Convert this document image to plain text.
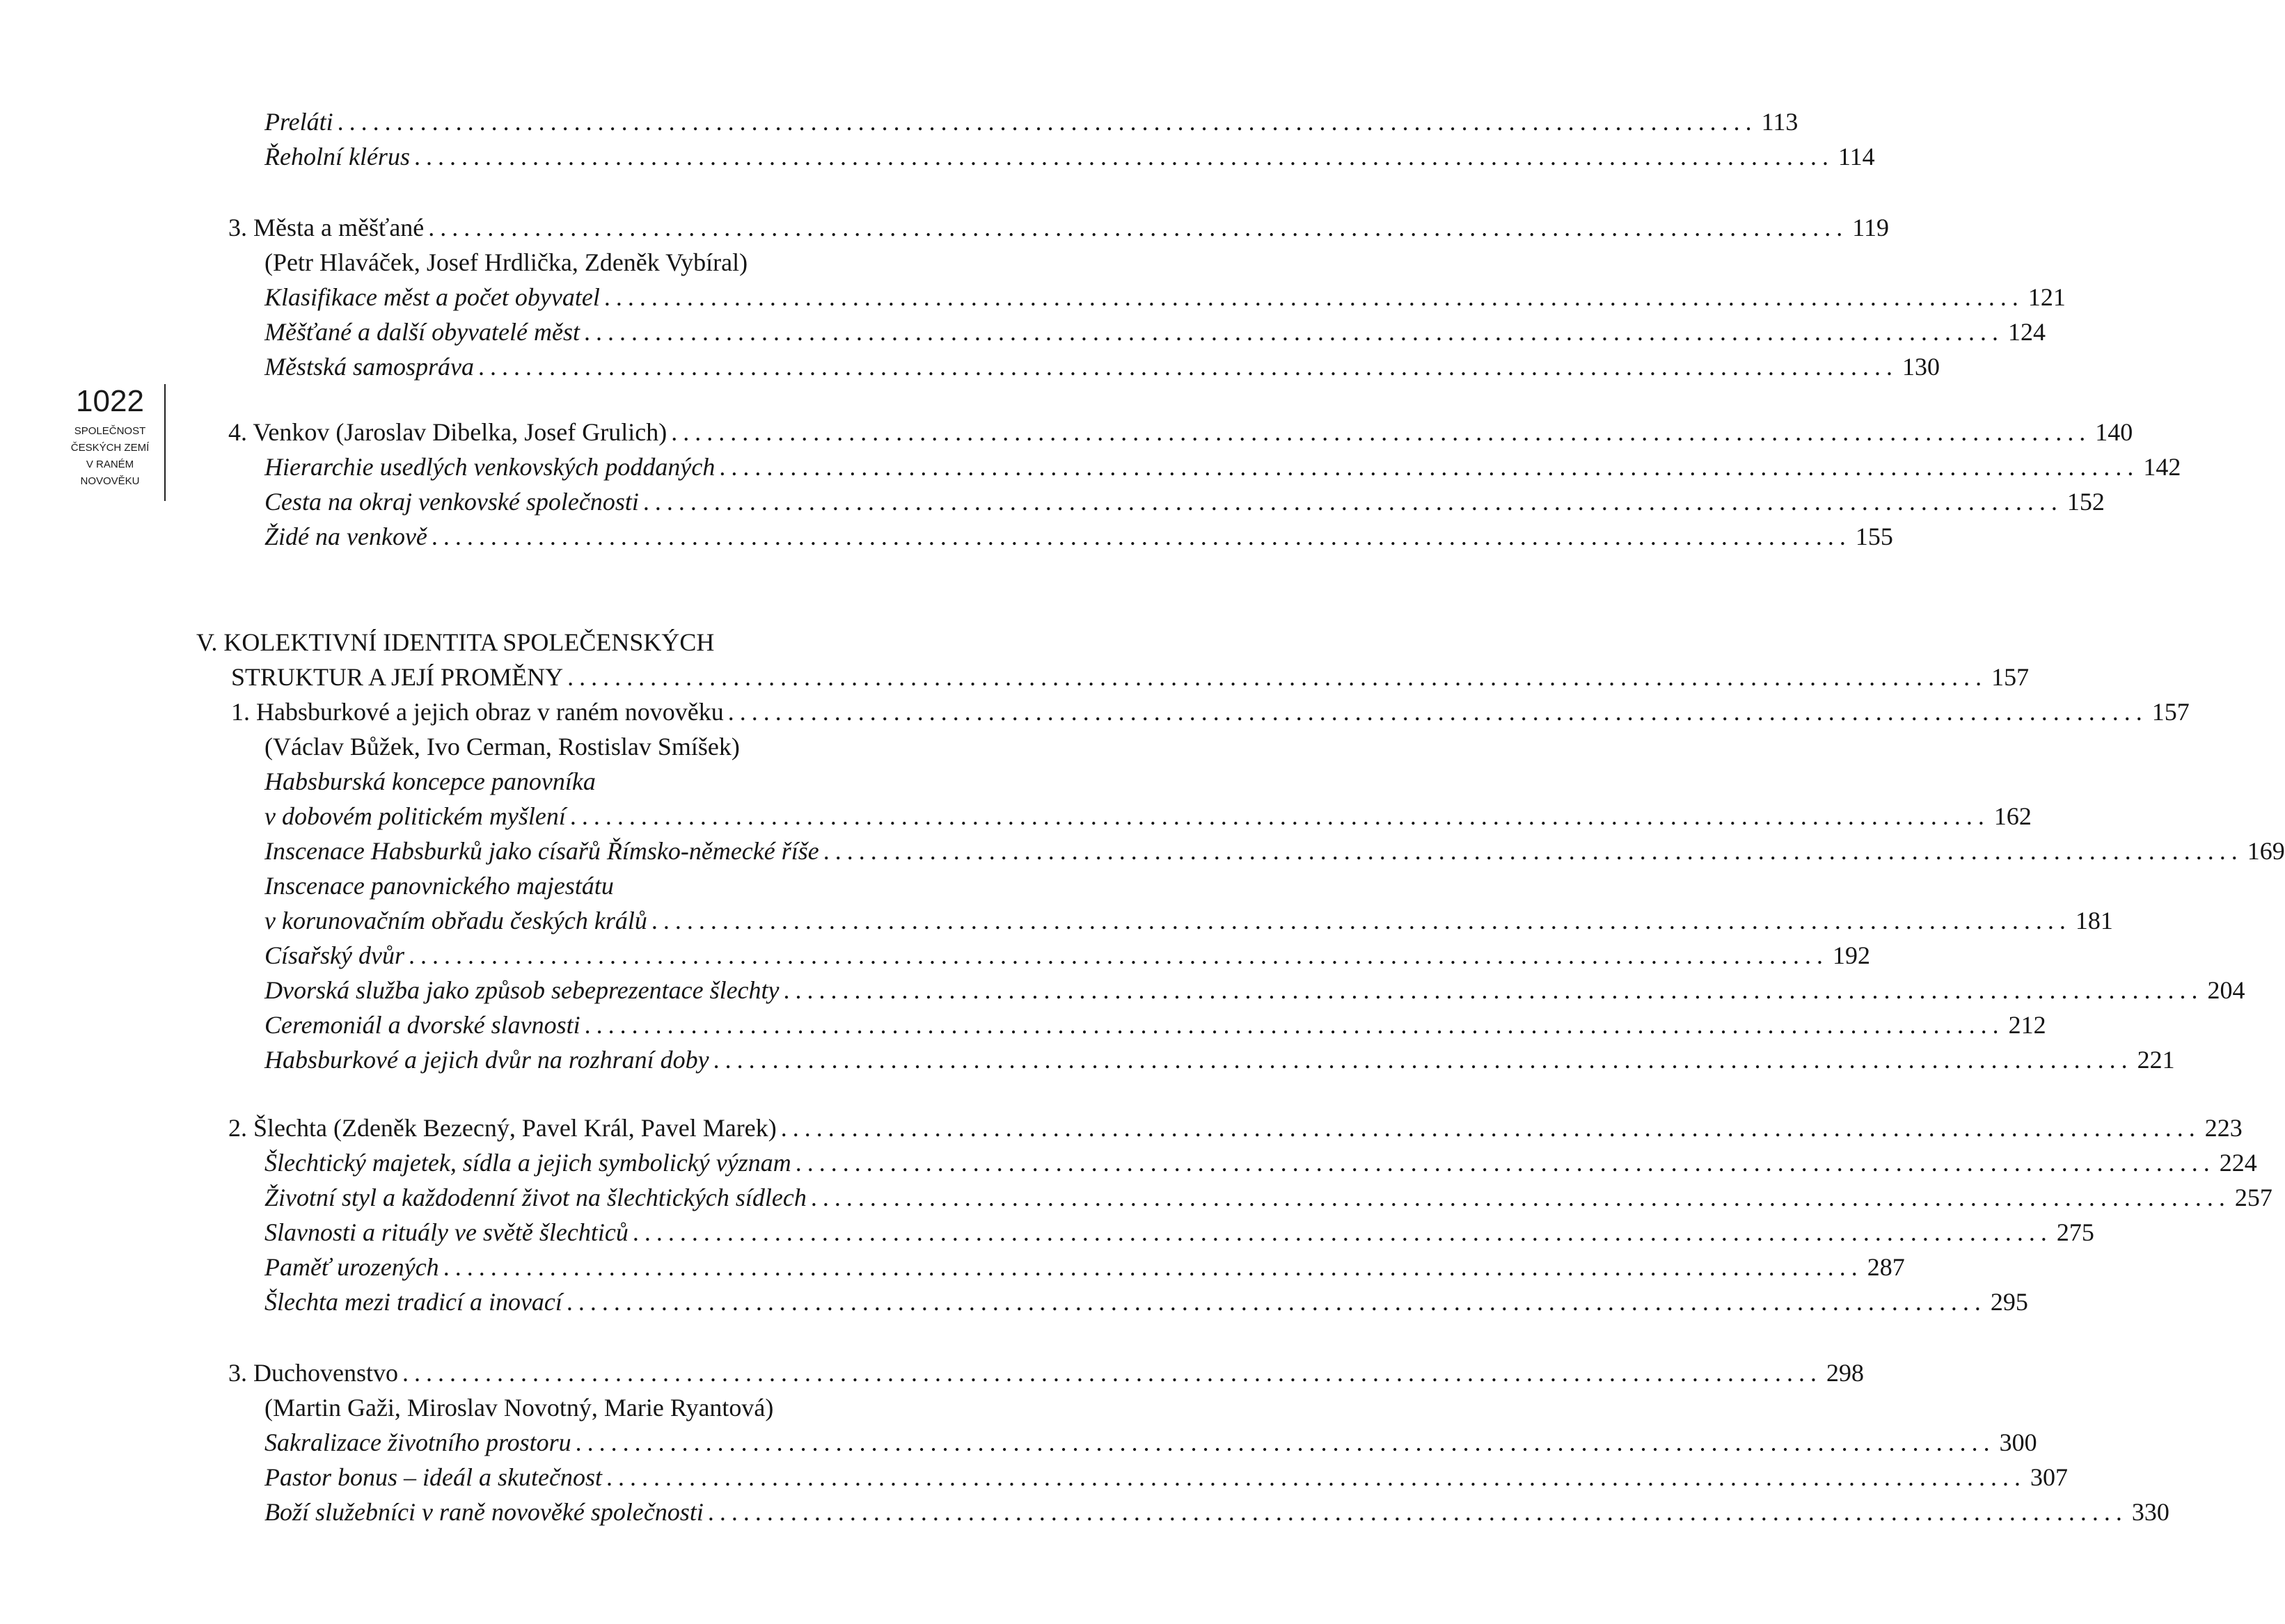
1022
SPOLEČNOST
ČESKÝCH ZEMÍ
V RANÉM
NOVOVĚKU
Preláti ........................................................................................................................ 113
Řeholní klérus ........................................................................................................................ 114
3. Města a měšťané ........................................................................................................................ 119
(Petr Hlaváček, Josef Hrdlička, Zdeněk Vybíral)
Klasifikace měst a počet obyvatel ........................................................................................................................ 121
Měšťané a další obyvatelé měst ........................................................................................................................ 124
Městská samospráva ........................................................................................................................ 130
4. Venkov (Jaroslav Dibelka, Josef Grulich) ........................................................................................................................ 140
Hierarchie usedlých venkovských poddaných ........................................................................................................................ 142
Cesta na okraj venkovské společnosti ........................................................................................................................ 152
Židé na venkově ........................................................................................................................ 155
V. KOLEKTIVNÍ IDENTITA SPOLEČENSKÝCH
STRUKTUR A JEJÍ PROMĚNY ........................................................................................................................ 157
1. Habsburkové a jejich obraz v raném novověku ........................................................................................................................ 157
(Václav Bůžek, Ivo Cerman, Rostislav Smíšek)
Habsburská koncepce panovníka
v dobovém politickém myšlení ........................................................................................................................ 162
Inscenace Habsburků jako císařů Římsko-německé říše ........................................................................................................................ 169
Inscenace panovnického majestátu
v korunovačním obřadu českých králů ........................................................................................................................ 181
Císařský dvůr ........................................................................................................................ 192
Dvorská služba jako způsob sebeprezentace šlechty ........................................................................................................................ 204
Ceremoniál a dvorské slavnosti ........................................................................................................................ 212
Habsburkové a jejich dvůr na rozhraní doby ........................................................................................................................ 221
2. Šlechta (Zdeněk Bezecný, Pavel Král, Pavel Marek) ........................................................................................................................ 223
Šlechtický majetek, sídla a jejich symbolický význam ........................................................................................................................ 224
Životní styl a každodenní život na šlechtických sídlech ........................................................................................................................ 257
Slavnosti a rituály ve světě šlechticů ........................................................................................................................ 275
Paměť urozených ........................................................................................................................ 287
Šlechta mezi tradicí a inovací ........................................................................................................................ 295
3. Duchovenstvo ........................................................................................................................ 298
(Martin Gaži, Miroslav Novotný, Marie Ryantová)
Sakralizace životního prostoru ........................................................................................................................ 300
Pastor bonus – ideál a skutečnost ........................................................................................................................ 307
Boží služebníci v raně novověké společnosti ........................................................................................................................ 330
